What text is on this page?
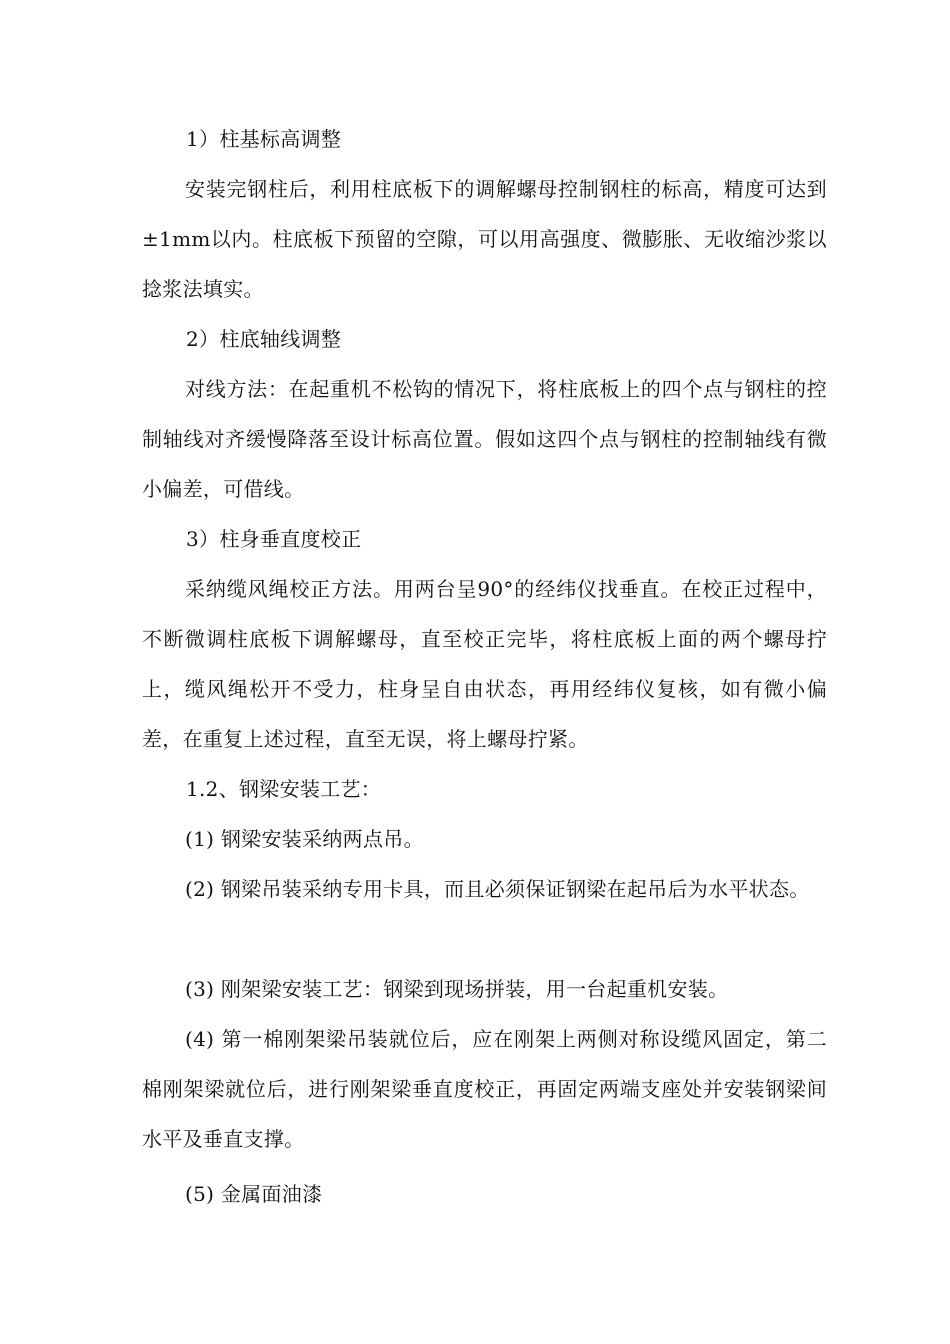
1）柱基标高调整

安装完钢柱后，利用柱底板下的调解螺母控制钢柱的标高，精度可达到±1mm以内。柱底板下预留的空隙，可以用高强度、微膨胀、无收缩沙浆以捻浆法填实。

2）柱底轴线调整

对线方法：在起重机不松钩的情况下，将柱底板上的四个点与钢柱的控制轴线对齐缓慢降落至设计标高位置。假如这四个点与钢柱的控制轴线有微小偏差，可借线。

3）柱身垂直度校正

采纳缆风绳校正方法。用两台呈90°的经纬仪找垂直。在校正过程中，不断微调柱底板下调解螺母，直至校正完毕，将柱底板上面的两个螺母拧上，缆风绳松开不受力，柱身呈自由状态，再用经纬仪复核，如有微小偏差，在重复上述过程，直至无误，将上螺母拧紧。

1.2、钢梁安装工艺：

(1) 钢梁安装采纳两点吊。

(2) 钢梁吊装采纳专用卡具，而且必须保证钢梁在起吊后为水平状态。

(3) 刚架梁安装工艺：钢梁到现场拼装，用一台起重机安装。

(4) 第一棉刚架梁吊装就位后，应在刚架上两侧对称设缆风固定，第二棉刚架梁就位后，进行刚架梁垂直度校正，再固定两端支座处并安装钢梁间水平及垂直支撑。

(5) 金属面油漆
